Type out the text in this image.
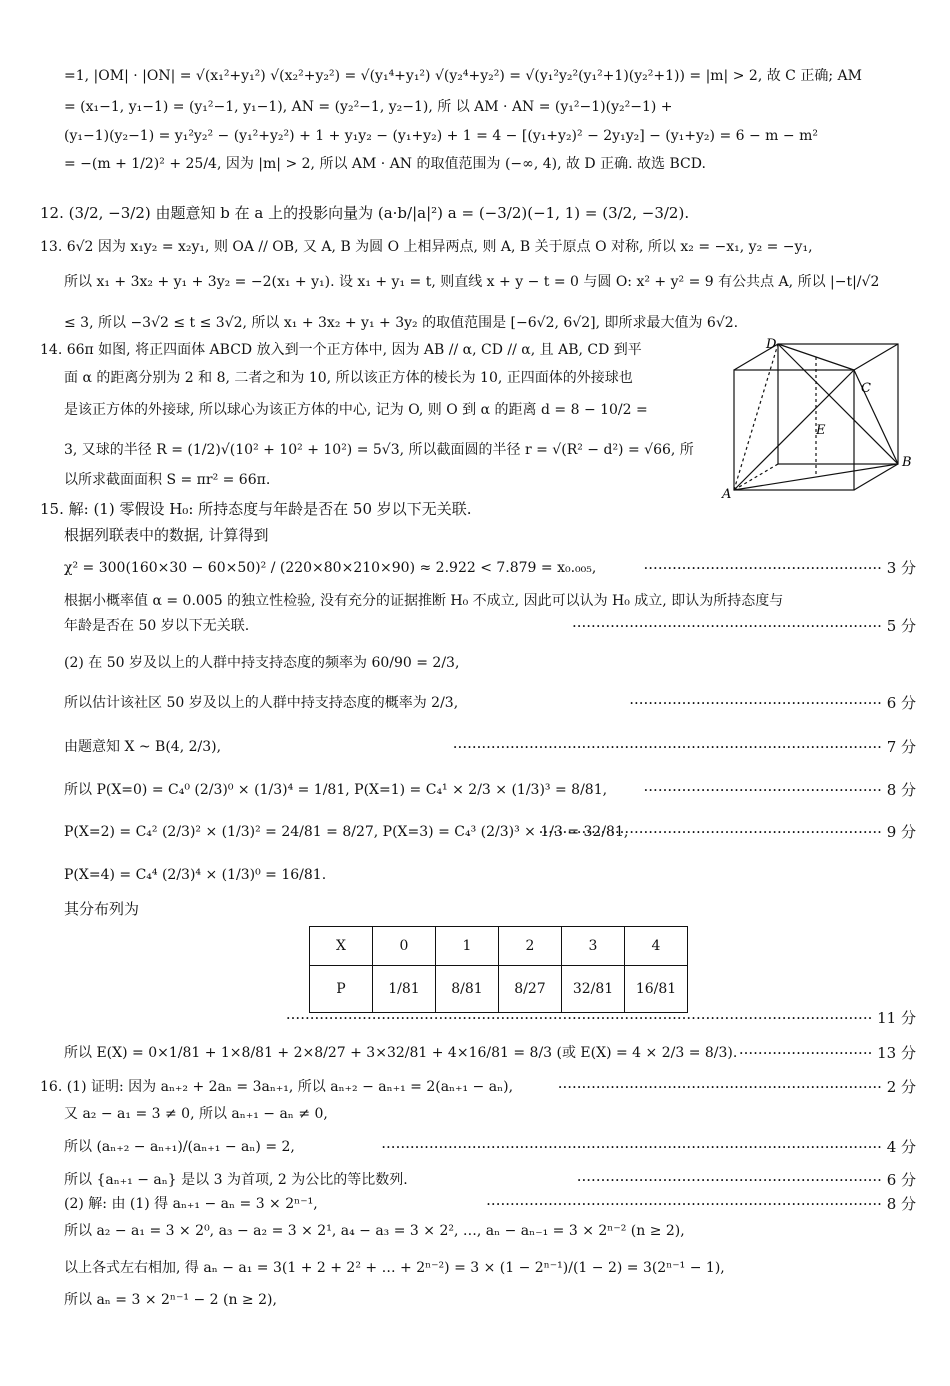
=1, |OM| · |ON| = √(x₁²+y₁²) √(x₂²+y₂²) = √(y₁⁴+y₁²) √(y₂⁴+y₂²) = √(y₁²y₂²(y₁²+1)(y₂²+1)) = |m| > 2, 故 C 正确; AM
= (x₁−1, y₁−1) = (y₁²−1, y₁−1), AN = (y₂²−1, y₂−1), 所 以 AM · AN = (y₁²−1)(y₂²−1) +
(y₁−1)(y₂−1) = y₁²y₂² − (y₁²+y₂²) + 1 + y₁y₂ − (y₁+y₂) + 1 = 4 − [(y₁+y₂)² − 2y₁y₂] − (y₁+y₂) = 6 − m − m²
= −(m + 1/2)² + 25/4, 因为 |m| > 2, 所以 AM · AN 的取值范围为 (−∞, 4), 故 D 正确. 故选 BCD.
12. (3/2, −3/2) 由题意知 b 在 a 上的投影向量为 (a·b/|a|²) a = (−3/2)(−1, 1) = (3/2, −3/2).
13. 6√2 因为 x₁y₂ = x₂y₁, 则 OA // OB, 又 A, B 为圆 O 上相异两点, 则 A, B 关于原点 O 对称, 所以 x₂ = −x₁, y₂ = −y₁,
所以 x₁ + 3x₂ + y₁ + 3y₂ = −2(x₁ + y₁). 设 x₁ + y₁ = t, 则直线 x + y − t = 0 与圆 O: x² + y² = 9 有公共点 A, 所以 |−t|/√2
≤ 3, 所以 −3√2 ≤ t ≤ 3√2, 所以 x₁ + 3x₂ + y₁ + 3y₂ 的取值范围是 [−6√2, 6√2], 即所求最大值为 6√2.
14. 66π 如图, 将正四面体 ABCD 放入到一个正方体中, 因为 AB // α, CD // α, 且 AB, CD 到平
面 α 的距离分别为 2 和 8, 二者之和为 10, 所以该正方体的棱长为 10, 正四面体的外接球也
是该正方体的外接球, 所以球心为该正方体的中心, 记为 O, 则 O 到 α 的距离 d = 8 − 10/2 =
3, 又球的半径 R = (1/2)√(10² + 10² + 10²) = 5√3, 所以截面圆的半径 r = √(R² − d²) = √66, 所
以所求截面面积 S = πr² = 66π.
15. 解: (1) 零假设 H₀: 所持态度与年龄是否在 50 岁以下无关联.
根据列联表中的数据, 计算得到
χ² = 300(160×30 − 60×50)² / (220×80×210×90) ≈ 2.922 < 7.879 = x₀.₀₀₅,	·················································· 3 分
根据小概率值 α = 0.005 的独立性检验, 没有充分的证据推断 H₀ 不成立, 因此可以认为 H₀ 成立, 即认为所持态度与
年龄是否在 50 岁以下无关联.	································································· 5 分
(2) 在 50 岁及以上的人群中持支持态度的频率为 60/90 = 2/3,
所以估计该社区 50 岁及以上的人群中持支持态度的概率为 2/3,	····················································· 6 分
由题意知 X ~ B(4, 2/3),	·························································································· 7 分
所以 P(X=0) = C₄⁰ (2/3)⁰ × (1/3)⁴ = 1/81, P(X=1) = C₄¹ × 2/3 × (1/3)³ = 8/81, ·················································· 8 分
P(X=2) = C₄² (2/3)² × (1/3)² = 24/81 = 8/27, P(X=3) = C₄³ (2/3)³ × 1/3 = 32/81,
········································································ 9 分
P(X=4) = C₄⁴ (2/3)⁴ × (1/3)⁰ = 16/81.
其分布列为
X	0	1	2	3	4
P	1/81	8/81	8/27	32/81	16/81
··························································································································· 11 分
所以 E(X) = 0×1/81 + 1×8/81 + 2×8/27 + 3×32/81 + 4×16/81 = 8/3 (或 E(X) = 4 × 2/3 = 8/3). ···························· 13 分
16. (1) 证明: 因为 aₙ₊₂ + 2aₙ = 3aₙ₊₁, 所以 aₙ₊₂ − aₙ₊₁ = 2(aₙ₊₁ − aₙ),	···································································· 2 分
又 a₂ − a₁ = 3 ≠ 0, 所以 aₙ₊₁ − aₙ ≠ 0,
所以 (aₙ₊₂ − aₙ₊₁)/(aₙ₊₁ − aₙ) = 2,	········································································································· 4 分
所以 {aₙ₊₁ − aₙ} 是以 3 为首项, 2 为公比的等比数列.	································································ 6 分
(2) 解: 由 (1) 得 aₙ₊₁ − aₙ = 3 × 2ⁿ⁻¹,	··················································································· 8 分
所以 a₂ − a₁ = 3 × 2⁰, a₃ − a₂ = 3 × 2¹, a₄ − a₃ = 3 × 2², …, aₙ − aₙ₋₁ = 3 × 2ⁿ⁻² (n ≥ 2),
以上各式左右相加, 得 aₙ − a₁ = 3(1 + 2 + 2² + … + 2ⁿ⁻²) = 3 × (1 − 2ⁿ⁻¹)/(1 − 2) = 3(2ⁿ⁻¹ − 1),
所以 aₙ = 3 × 2ⁿ⁻¹ − 2 (n ≥ 2),
A
B
C
D
E
